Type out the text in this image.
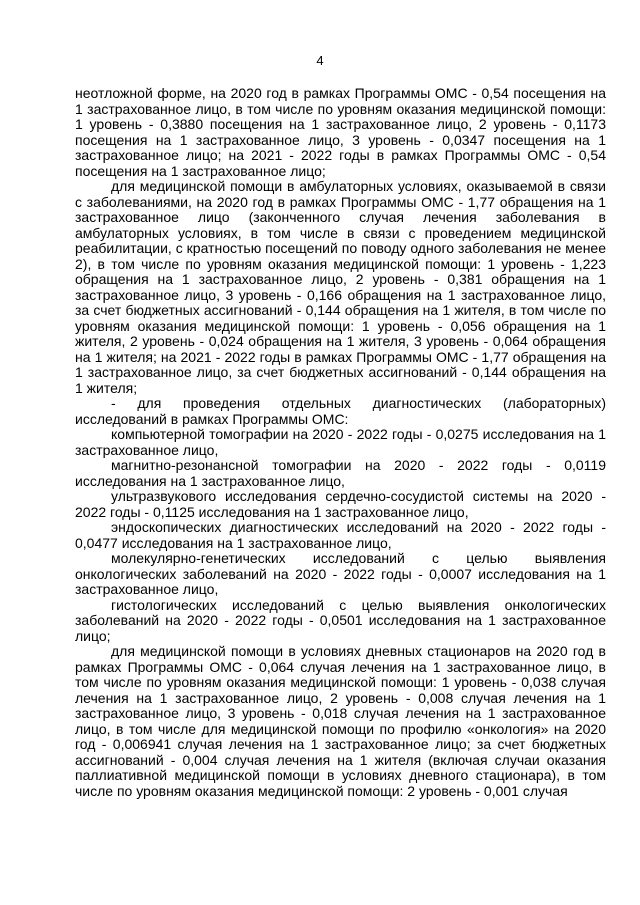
4

неотложной форме, на 2020 год в рамках Программы ОМС - 0,54 посещения на 1 застрахованное лицо, в том числе по уровням оказания медицинской помощи: 1 уровень - 0,3880 посещения на 1 застрахованное лицо, 2 уровень - 0,1173 посещения на 1 застрахованное лицо, 3 уровень - 0,0347 посещения на 1 застрахованное лицо; на 2021 - 2022 годы в рамках Программы ОМС - 0,54 посещения на 1 застрахованное лицо;

для медицинской помощи в амбулаторных условиях, оказываемой в связи с заболеваниями, на 2020 год в рамках Программы ОМС - 1,77 обращения на 1 застрахованное лицо (законченного случая лечения заболевания в амбулаторных условиях, в том числе в связи с проведением медицинской реабилитации, с кратностью посещений по поводу одного заболевания не менее 2), в том числе по уровням оказания медицинской помощи: 1 уровень - 1,223 обращения на 1 застрахованное лицо, 2 уровень - 0,381 обращения на 1 застрахованное лицо, 3 уровень - 0,166 обращения на 1 застрахованное лицо, за счет бюджетных ассигнований - 0,144 обращения на 1 жителя, в том числе по уровням оказания медицинской помощи: 1 уровень - 0,056 обращения на 1 жителя, 2 уровень - 0,024 обращения на 1 жителя, 3 уровень - 0,064 обращения на 1 жителя; на 2021 - 2022 годы в рамках Программы ОМС - 1,77 обращения на 1 застрахованное лицо, за счет бюджетных ассигнований - 0,144 обращения на 1 жителя;

- для проведения отдельных диагностических (лабораторных) исследований в рамках Программы ОМС:

компьютерной томографии на 2020 - 2022 годы - 0,0275 исследования на 1 застрахованное лицо,

магнитно-резонансной томографии на 2020 - 2022 годы - 0,0119 исследования на 1 застрахованное лицо,

ультразвукового исследования сердечно-сосудистой системы на 2020 - 2022 годы - 0,1125 исследования на 1 застрахованное лицо,

эндоскопических диагностических исследований на 2020 - 2022 годы - 0,0477 исследования на 1 застрахованное лицо,

молекулярно-генетических исследований с целью выявления онкологических заболеваний на 2020 - 2022 годы - 0,0007 исследования на 1 застрахованное лицо,

гистологических исследований с целью выявления онкологических заболеваний на 2020 - 2022 годы - 0,0501 исследования на 1 застрахованное лицо;

для медицинской помощи в условиях дневных стационаров на 2020 год в рамках Программы ОМС - 0,064 случая лечения на 1 застрахованное лицо, в том числе по уровням оказания медицинской помощи: 1 уровень - 0,038 случая лечения на 1 застрахованное лицо, 2 уровень - 0,008 случая лечения на 1 застрахованное лицо, 3 уровень - 0,018 случая лечения на 1 застрахованное лицо, в том числе для медицинской помощи по профилю «онкология» на 2020 год - 0,006941 случая лечения на 1 застрахованное лицо; за счет бюджетных ассигнований - 0,004 случая лечения на 1 жителя (включая случаи оказания паллиативной медицинской помощи в условиях дневного стационара), в том числе по уровням оказания медицинской помощи: 2 уровень - 0,001 случая
